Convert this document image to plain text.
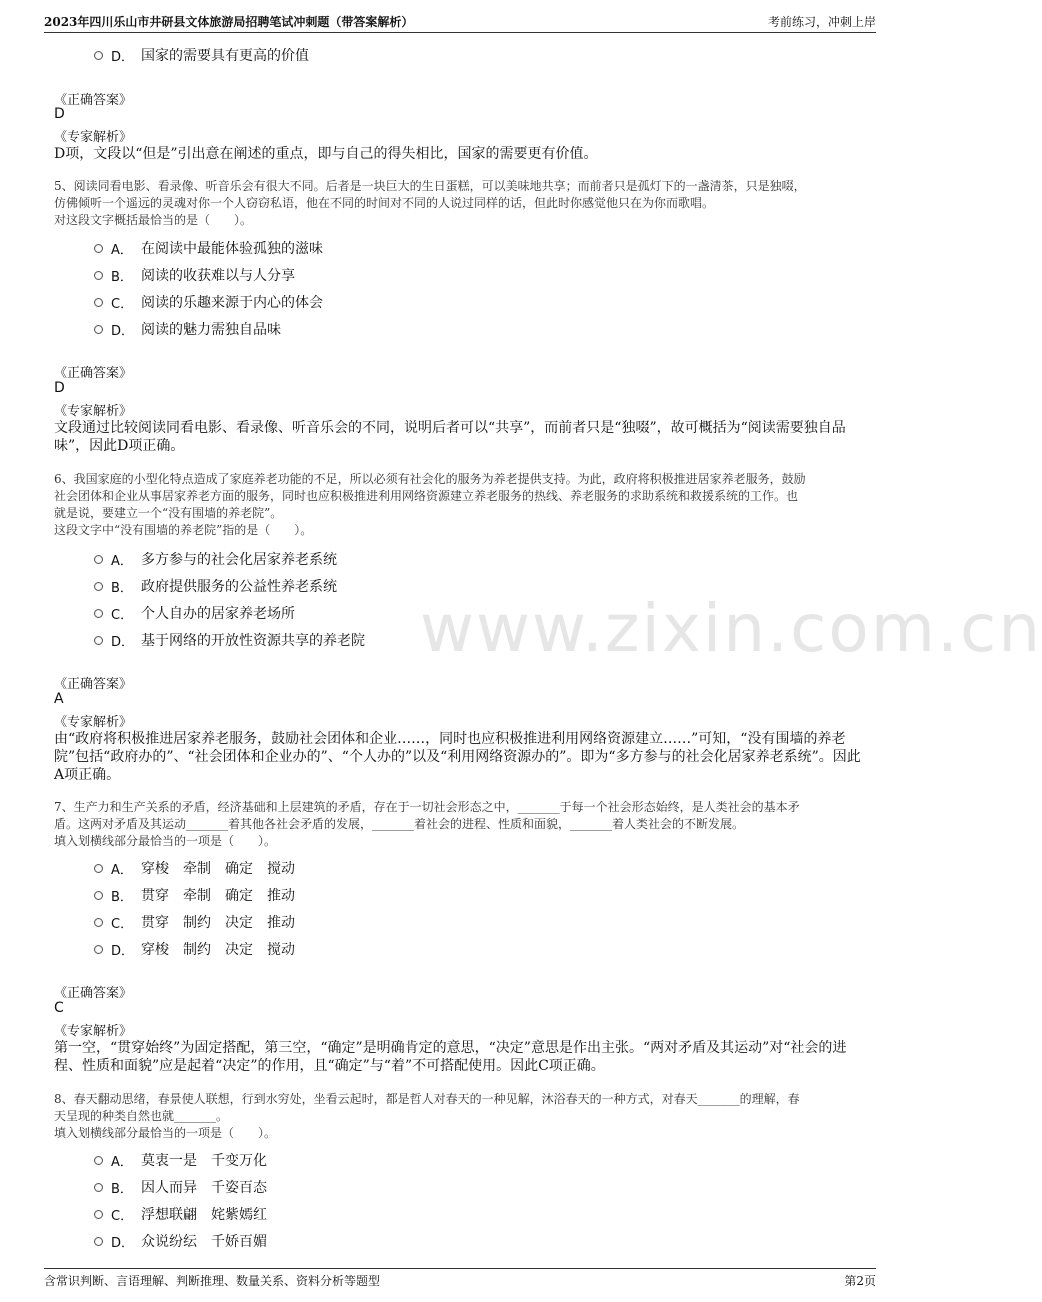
2023年四川乐山市井研县文体旅游局招聘笔试冲刺题（带答案解析）	考前练习，冲刺上岸
www.zixin.com.cn
D． 国家的需要具有更高的价值
《正确答案》
D
《专家解析》
D项，文段以“但是”引出意在阐述的重点，即与自己的得失相比，国家的需要更有价值。
5、阅读同看电影、看录像、听音乐会有很大不同。后者是一块巨大的生日蛋糕，可以美味地共享；而前者只是孤灯下的一盏清茶，只是独啜，
仿佛倾听一个遥远的灵魂对你一个人窃窃私语，他在不同的时间对不同的人说过同样的话，但此时你感觉他只在为你而歌唱。
对这段文字概括最恰当的是（　　）。
A． 在阅读中最能体验孤独的滋味
B． 阅读的收获难以与人分享
C． 阅读的乐趣来源于内心的体会
D． 阅读的魅力需独自品味
《正确答案》
D
《专家解析》
文段通过比较阅读同看电影、看录像、听音乐会的不同，说明后者可以“共享”，而前者只是“独啜”，故可概括为“阅读需要独自品味”，因此D项正确。
6、我国家庭的小型化特点造成了家庭养老功能的不足，所以必须有社会化的服务为养老提供支持。为此，政府将积极推进居家养老服务，鼓励
社会团体和企业从事居家养老方面的服务，同时也应积极推进利用网络资源建立养老服务的热线、养老服务的求助系统和救援系统的工作。也
就是说，要建立一个“没有围墙的养老院”。
这段文字中“没有围墙的养老院”指的是（　　）。
A． 多方参与的社会化居家养老系统
B． 政府提供服务的公益性养老系统
C． 个人自办的居家养老场所
D． 基于网络的开放性资源共享的养老院
《正确答案》
A
《专家解析》
由“政府将积极推进居家养老服务，鼓励社会团体和企业……，同时也应积极推进利用网络资源建立……”可知，“没有围墙的养老院”包括“政府办的”、“社会团体和企业办的”、“个人办的”以及“利用网络资源办的”。即为“多方参与的社会化居家养老系统”。因此A项正确。
7、生产力和生产关系的矛盾，经济基础和上层建筑的矛盾，存在于一切社会形态之中，_______于每一个社会形态始终，是人类社会的基本矛
盾。这两对矛盾及其运动_______着其他各社会矛盾的发展，_______着社会的进程、性质和面貌，_______着人类社会的不断发展。
填入划横线部分最恰当的一项是（　　）。
A． 穿梭　牵制　确定　搅动
B． 贯穿　牵制　确定　推动
C． 贯穿　制约　决定　推动
D． 穿梭　制约　决定　搅动
《正确答案》
C
《专家解析》
第一空，“贯穿始终”为固定搭配，第三空，“确定”是明确肯定的意思，“决定”意思是作出主张。“两对矛盾及其运动”对“社会的进程、性质和面貌”应是起着“决定”的作用，且“确定”与“着”不可搭配使用。因此C项正确。
8、春天翻动思绪，春景使人联想，行到水穷处，坐看云起时，都是哲人对春天的一种见解，沐浴春天的一种方式，对春天_______的理解，春
天呈现的种类自然也就_______。
填入划横线部分最恰当的一项是（　　）。
A． 莫衷一是　千变万化
B． 因人而异　千姿百态
C． 浮想联翩　姹紫嫣红
D． 众说纷纭　千娇百媚
含常识判断、言语理解、判断推理、数量关系、资料分析等题型	第2页
